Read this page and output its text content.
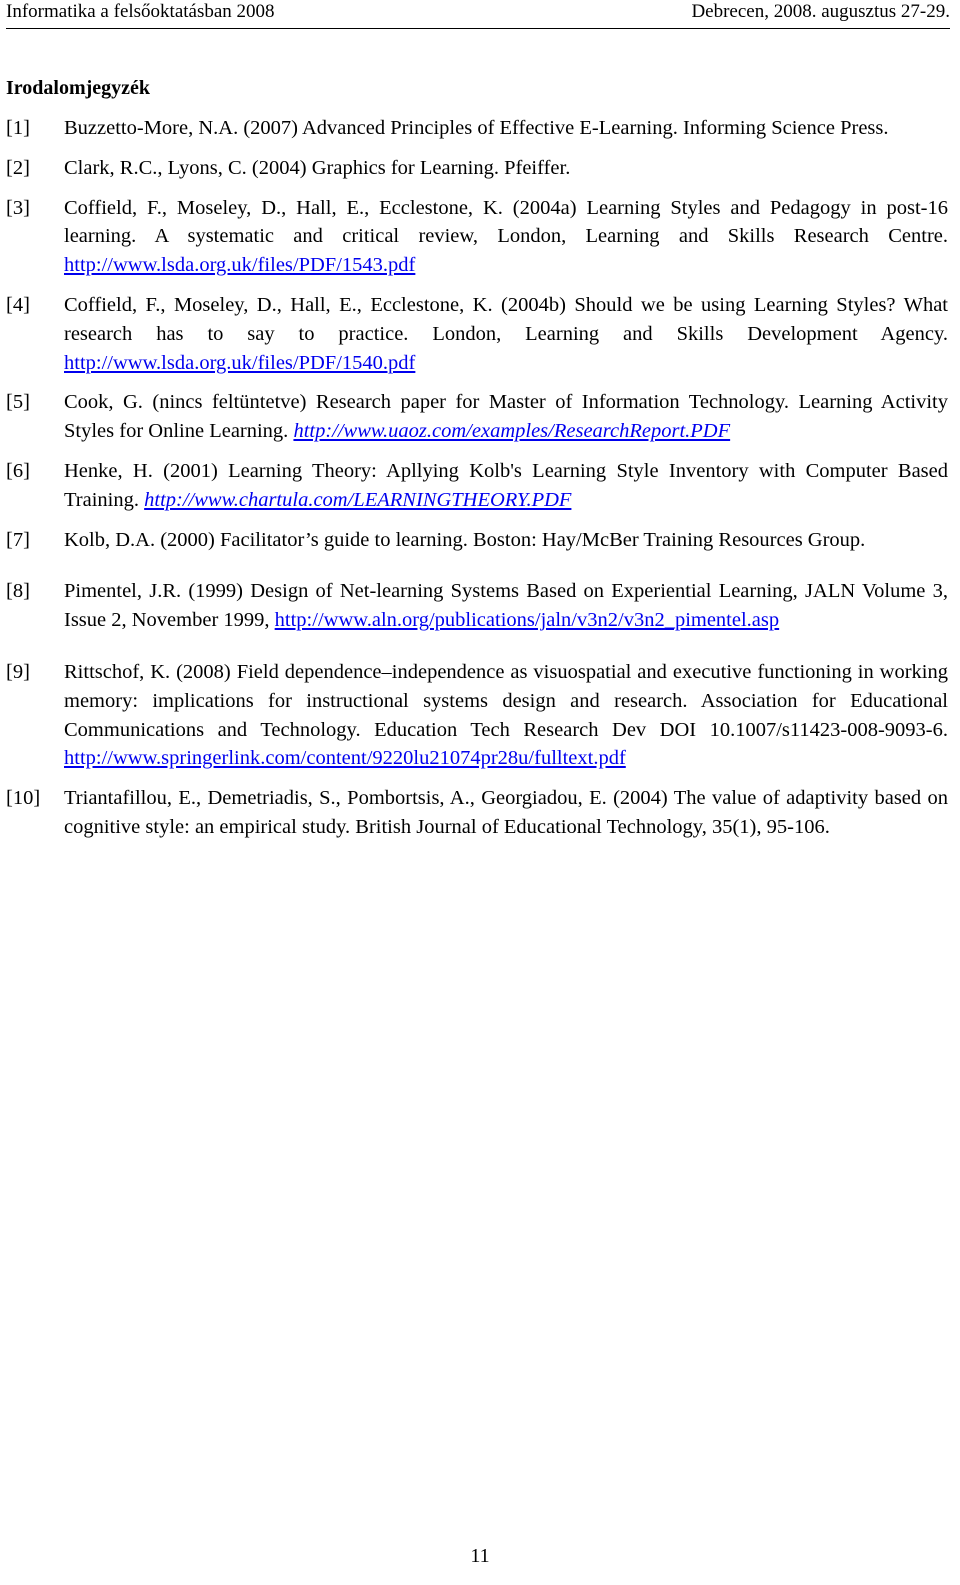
Informatika a felsőoktatásban 2008	Debrecen, 2008. augusztus 27-29.
Irodalomjegyzék
[1] Buzzetto-More, N.A. (2007) Advanced Principles of Effective E-Learning. Informing Science Press.
[2] Clark, R.C., Lyons, C. (2004) Graphics for Learning. Pfeiffer.
[3] Coffield, F., Moseley, D., Hall, E., Ecclestone, K. (2004a) Learning Styles and Pedagogy in post-16 learning. A systematic and critical review, London, Learning and Skills Research Centre. http://www.lsda.org.uk/files/PDF/1543.pdf
[4] Coffield, F., Moseley, D., Hall, E., Ecclestone, K. (2004b) Should we be using Learning Styles? What research has to say to practice. London, Learning and Skills Development Agency. http://www.lsda.org.uk/files/PDF/1540.pdf
[5] Cook, G. (nincs feltüntetve) Research paper for Master of Information Technology. Learning Activity Styles for Online Learning. http://www.uaoz.com/examples/ResearchReport.PDF
[6] Henke, H. (2001) Learning Theory: Apllying Kolb's Learning Style Inventory with Computer Based Training. http://www.chartula.com/LEARNINGTHEORY.PDF
[7] Kolb, D.A. (2000) Facilitator’s guide to learning. Boston: Hay/McBer Training Resources Group.
[8] Pimentel, J.R. (1999) Design of Net-learning Systems Based on Experiential Learning, JALN Volume 3, Issue 2, November 1999, http://www.aln.org/publications/jaln/v3n2/v3n2_pimentel.asp
[9] Rittschof, K. (2008) Field dependence–independence as visuospatial and executive functioning in working memory: implications for instructional systems design and research. Association for Educational Communications and Technology. Education Tech Research Dev DOI 10.1007/s11423-008-9093-6. http://www.springerlink.com/content/9220lu21074pr28u/fulltext.pdf
[10] Triantafillou, E., Demetriadis, S., Pombortsis, A., Georgiadou, E. (2004) The value of adaptivity based on cognitive style: an empirical study. British Journal of Educational Technology, 35(1), 95-106.
11
